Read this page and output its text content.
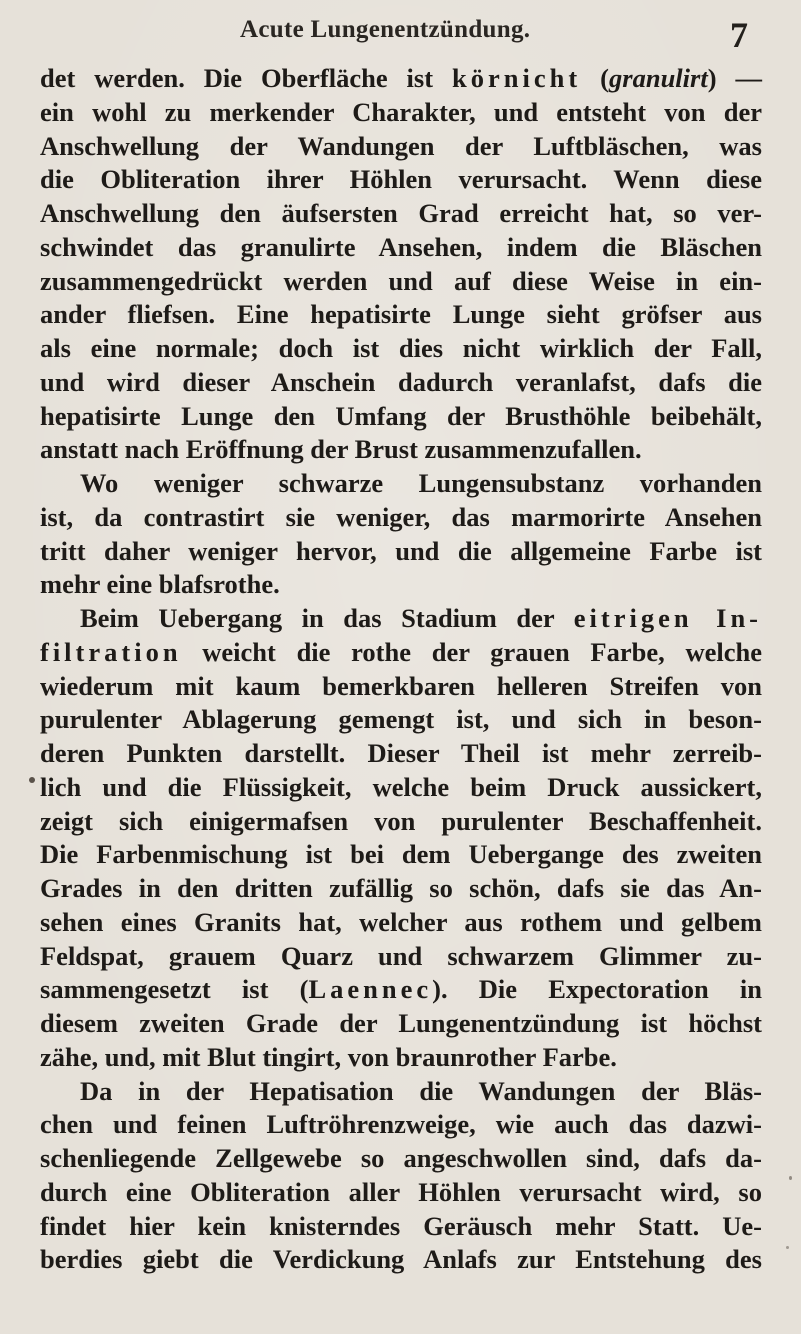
Acute Lungenentzündung.	7
det werden. Die Oberfläche ist körnicht (granulirt) —
ein wohl zu merkender Charakter, und entsteht von der
Anschwellung der Wandungen der Luftbläschen, was
die Obliteration ihrer Höhlen verursacht. Wenn diese
Anschwellung den äufsersten Grad erreicht hat, so ver-
schwindet das granulirte Ansehen, indem die Bläschen
zusammengedrückt werden und auf diese Weise in ein-
ander fliefsen. Eine hepatisirte Lunge sieht gröfser aus
als eine normale; doch ist dies nicht wirklich der Fall,
und wird dieser Anschein dadurch veranlafst, dafs die
hepatisirte Lunge den Umfang der Brusthöhle beibehält,
anstatt nach Eröffnung der Brust zusammenzufallen.
Wo weniger schwarze Lungensubstanz vorhanden
ist, da contrastirt sie weniger, das marmorirte Ansehen
tritt daher weniger hervor, und die allgemeine Farbe ist
mehr eine blafsrothe.
Beim Uebergang in das Stadium der eitrigen In-
filtration weicht die rothe der grauen Farbe, welche
wiederum mit kaum bemerkbaren helleren Streifen von
purulenter Ablagerung gemengt ist, und sich in beson-
deren Punkten darstellt. Dieser Theil ist mehr zerreib-
lich und die Flüssigkeit, welche beim Druck aussickert,
zeigt sich einigermafsen von purulenter Beschaffenheit.
Die Farbenmischung ist bei dem Uebergange des zweiten
Grades in den dritten zufällig so schön, dafs sie das An-
sehen eines Granits hat, welcher aus rothem und gelbem
Feldspat, grauem Quarz und schwarzem Glimmer zu-
sammengesetzt ist (Laennec). Die Expectoration in
diesem zweiten Grade der Lungenentzündung ist höchst
zähe, und, mit Blut tingirt, von braunrother Farbe.
Da in der Hepatisation die Wandungen der Bläs-
chen und feinen Luftröhrenzweige, wie auch das dazwi-
schenliegende Zellgewebe so angeschwollen sind, dafs da-
durch eine Obliteration aller Höhlen verursacht wird, so
findet hier kein knisterndes Geräusch mehr Statt. Ue-
berdies giebt die Verdickung Anlafs zur Entstehung des
